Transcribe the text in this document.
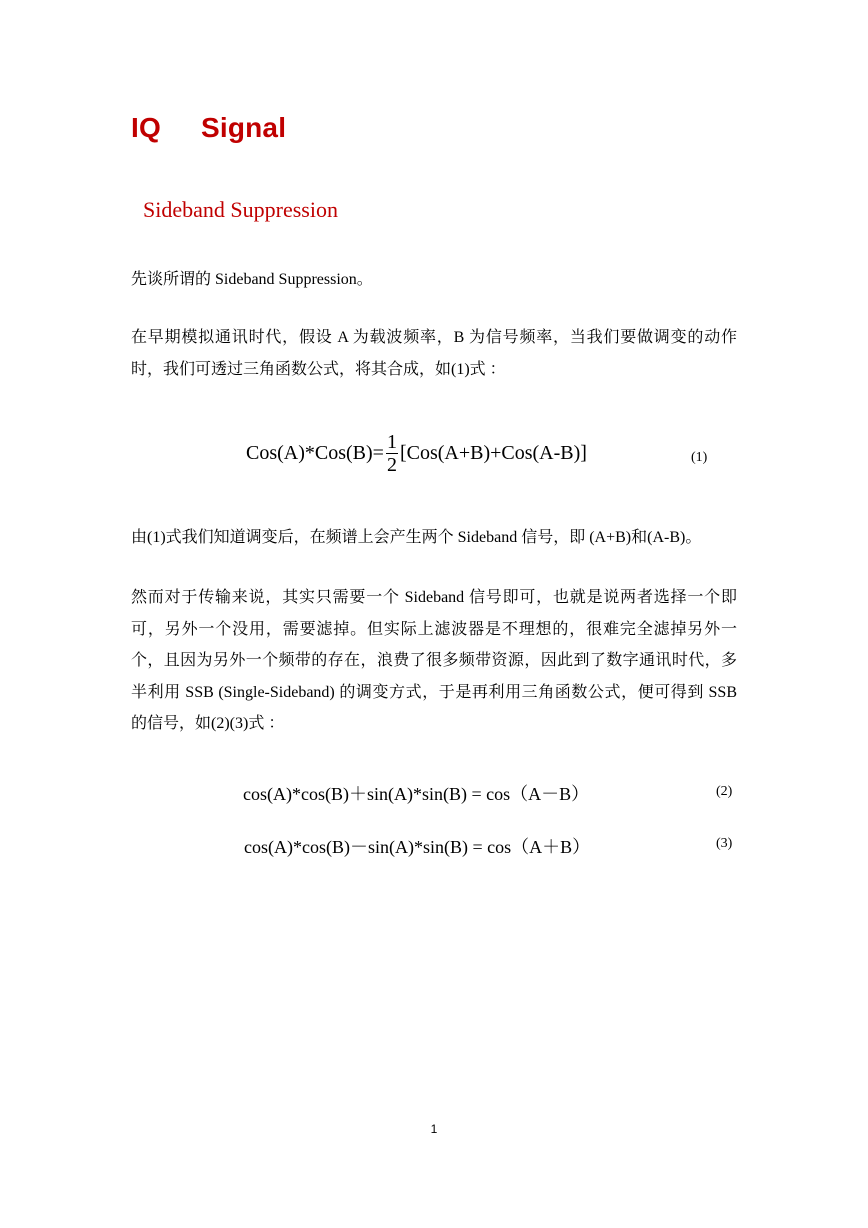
IQ Signal
Sideband Suppression
先谈所谓的 Sideband Suppression。
在早期模拟通讯时代，假设 A 为载波频率，B 为信号频率，当我们要做调变的动作时，我们可透过三角函数公式，将其合成，如(1)式 ：
$Cos(A)*Cos(B)= \frac{1}{2} [Cos(A+B)+Cos(A-B)]$	(1)
由(1)式我们知道调变后，在频谱上会产生两个 Sideband 信号，即 (A+B)和(A-B)。
然而对于传输来说，其实只需要一个 Sideband 信号即可，也就是说两者选择一个即可，另外一个没用，需要滤掉。但实际上滤波器是不理想的，很难完全滤掉另外一个，且因为另外一个频带的存在，浪费了很多频带资源，因此到了数字通讯时代，多半利用 SSB (Single-Sideband) 的调变方式，于是再利用三角函数公式，便可得到 SSB 的信号，如(2)(3)式 ：
cos(A)*cos(B)＋sin(A)*sin(B) = cos（A－B）	(2)
cos(A)*cos(B)－sin(A)*sin(B) = cos（A＋B）	(3)
1
